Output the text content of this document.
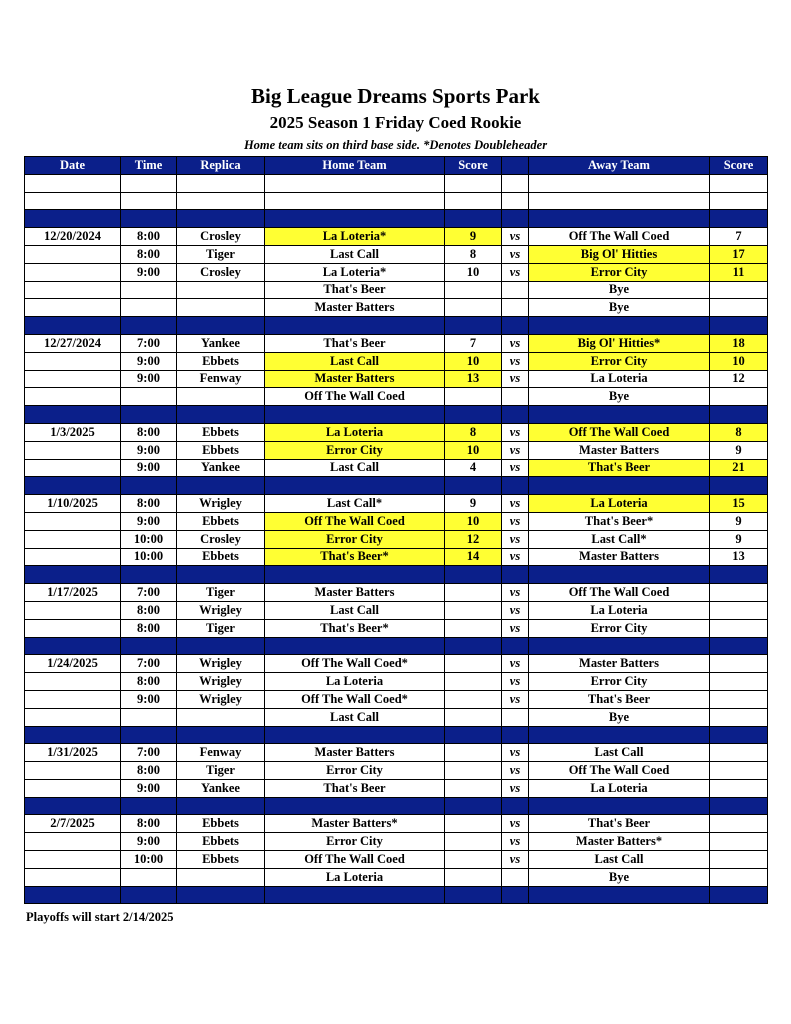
Big League Dreams Sports Park
2025 Season 1 Friday Coed Rookie
Home team sits on third base side. *Denotes Doubleheader
Date	Time	Replica	Home Team	Score		Away Team	Score

12/20/2024	8:00	Crosley	La Loteria*	9	vs	Off The Wall Coed	7
	8:00	Tiger	Last Call	8	vs	Big Ol' Hitties	17
	9:00	Crosley	La Loteria*	10	vs	Error City	11
			That's Beer			Bye	
			Master Batters			Bye	

12/27/2024	7:00	Yankee	That's Beer	7	vs	Big Ol' Hitties*	18
	9:00	Ebbets	Last Call	10	vs	Error City	10
	9:00	Fenway	Master Batters	13	vs	La Loteria	12
			Off The Wall Coed			Bye	

1/3/2025	8:00	Ebbets	La Loteria	8	vs	Off The Wall Coed	8
	9:00	Ebbets	Error City	10	vs	Master Batters	9
	9:00	Yankee	Last Call	4	vs	That's Beer	21

1/10/2025	8:00	Wrigley	Last Call*	9	vs	La Loteria	15
	9:00	Ebbets	Off The Wall Coed	10	vs	That's Beer*	9
	10:00	Crosley	Error City	12	vs	Last Call*	9
	10:00	Ebbets	That's Beer*	14	vs	Master Batters	13

1/17/2025	7:00	Tiger	Master Batters		vs	Off The Wall Coed	
	8:00	Wrigley	Last Call		vs	La Loteria	
	8:00	Tiger	That's Beer*		vs	Error City	

1/24/2025	7:00	Wrigley	Off The Wall Coed*		vs	Master Batters	
	8:00	Wrigley	La Loteria		vs	Error City	
	9:00	Wrigley	Off The Wall Coed*		vs	That's Beer	
			Last Call			Bye	

1/31/2025	7:00	Fenway	Master Batters		vs	Last Call	
	8:00	Tiger	Error City		vs	Off The Wall Coed	
	9:00	Yankee	That's Beer		vs	La Loteria	

2/7/2025	8:00	Ebbets	Master Batters*		vs	That's Beer	
	9:00	Ebbets	Error City		vs	Master Batters*	
	10:00	Ebbets	Off The Wall Coed		vs	Last Call	
			La Loteria			Bye	

Playoffs will start 2/14/2025
